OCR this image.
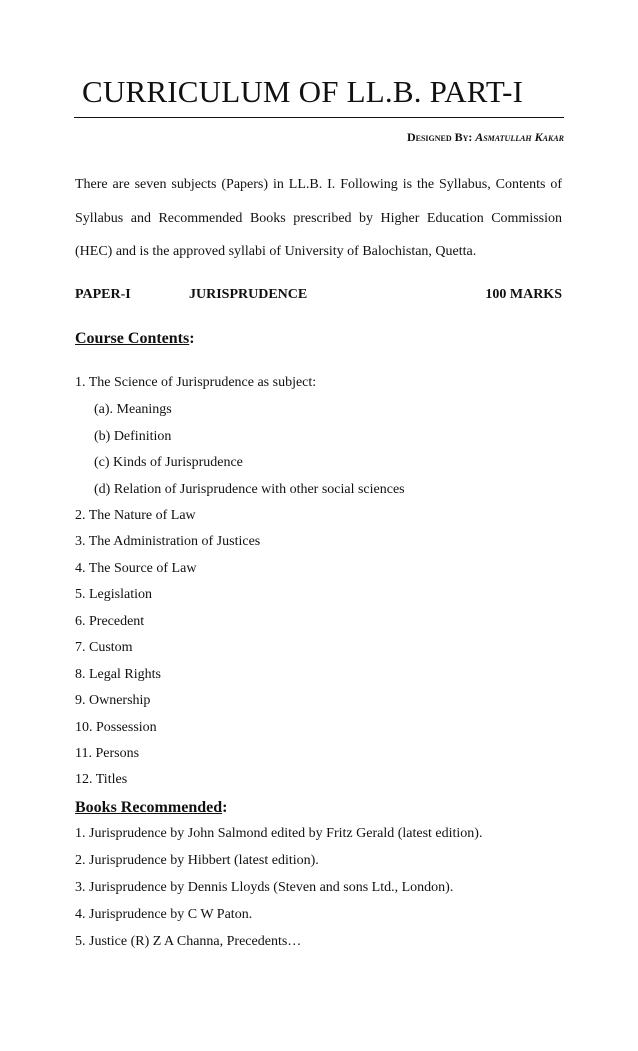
CURRICULUM OF LL.B. PART-I
Designed By: Asmatullah Kakar
There are seven subjects (Papers) in LL.B. I. Following is the Syllabus, Contents of
Syllabus and Recommended Books prescribed by Higher Education Commission
(HEC) and is the approved syllabi of University of Balochistan, Quetta.
PAPER-I	JURISPRUDENCE	100 MARKS
Course Contents:
1. The Science of Jurisprudence as subject:
(a). Meanings
(b) Definition
(c) Kinds of Jurisprudence
(d) Relation of Jurisprudence with other social sciences
2. The Nature of Law
3. The Administration of Justices
4. The Source of Law
5. Legislation
6. Precedent
7. Custom
8. Legal Rights
9. Ownership
10. Possession
11. Persons
12. Titles
Books Recommended:
1. Jurisprudence by John Salmond edited by Fritz Gerald (latest edition).
2. Jurisprudence by Hibbert (latest edition).
3. Jurisprudence by Dennis Lloyds (Steven and sons Ltd., London).
4. Jurisprudence by C W Paton.
5. Justice (R) Z A Channa, Precedents…
